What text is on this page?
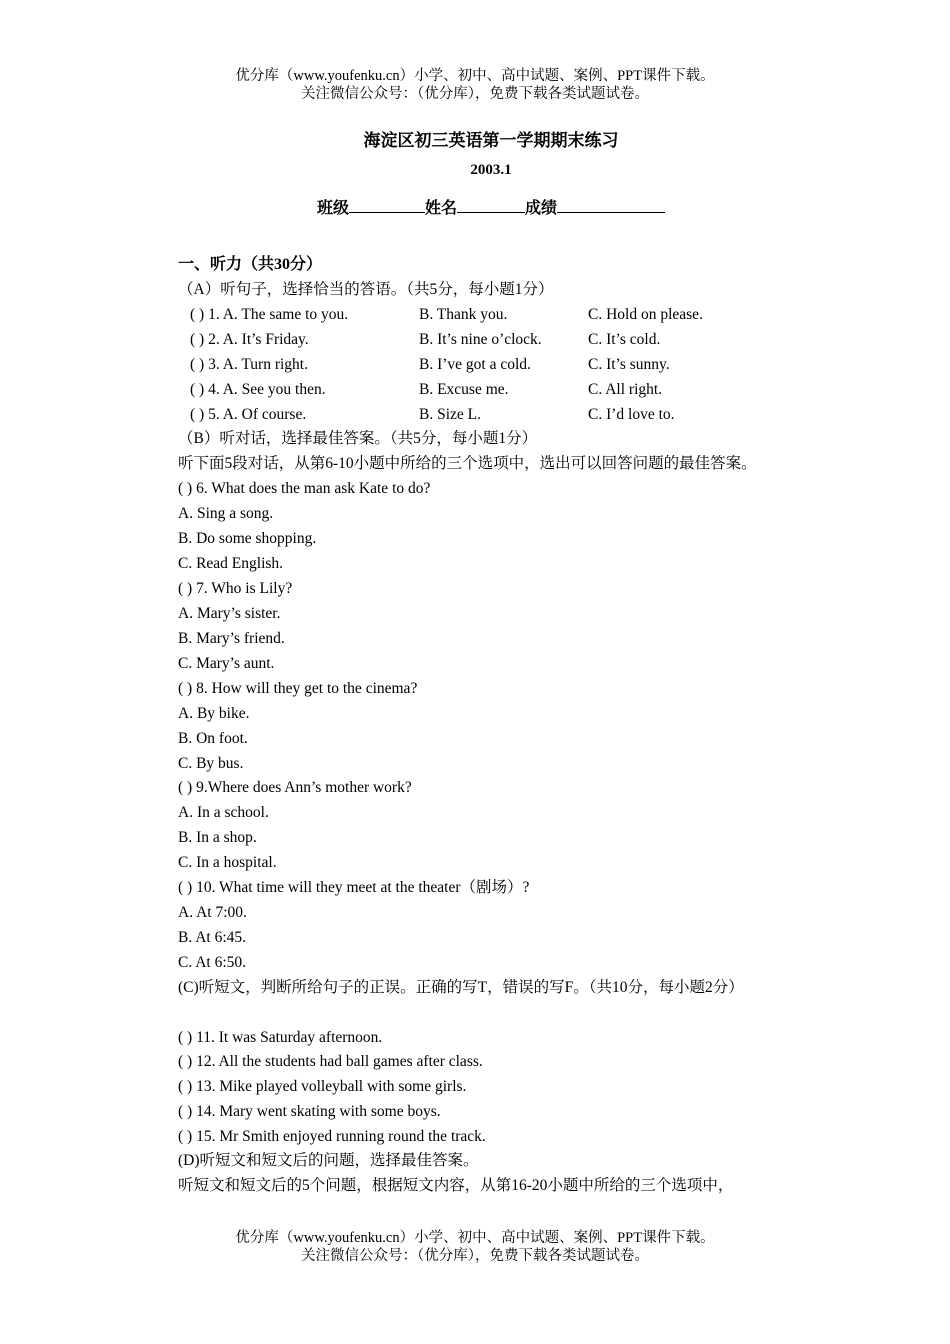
优分库（www.youfenku.cn）小学、初中、高中试题、案例、PPT课件下载。
关注微信公众号：（优分库），免费下载各类试题试卷。
海淀区初三英语第一学期期末练习
2003.1
班级	姓名	成绩
一、听力（共30分）
（A）听句子，选择恰当的答语。（共5分，每小题1分）
( ) 1. A. The same to you.	B. Thank you.	C. Hold on please.
( ) 2. A. It’s Friday.	B. It’s nine o’clock.	C. It’s cold.
( ) 3. A. Turn right.	B. I’ve got a cold.	C. It’s sunny.
( ) 4. A. See you then.	B. Excuse me.	C. All right.
( ) 5. A. Of course.	B. Size L.	C. I’d love to.
（B）听对话，选择最佳答案。（共5分，每小题1分）
听下面5段对话，从第6-10小题中所给的三个选项中，选出可以回答问题的最佳答案。
( ) 6. What does the man ask Kate to do?
A. Sing a song.
B. Do some shopping.
C. Read English.
( ) 7. Who is Lily?
A. Mary’s sister.
B. Mary’s friend.
C. Mary’s aunt.
( ) 8. How will they get to the cinema?
A. By bike.
B. On foot.
C. By bus.
( ) 9.Where does Ann’s mother work?
A. In a school.
B. In a shop.
C. In a hospital.
( ) 10. What time will they meet at the theater（剧场）?
A. At 7:00.
B. At 6:45.
C. At 6:50.
(C)听短文，判断所给句子的正误。正确的写T，错误的写F。（共10分，每小题2分）
( ) 11. It was Saturday afternoon.
( ) 12. All the students had ball games after class.
( ) 13. Mike played volleyball with some girls.
( ) 14. Mary went skating with some boys.
( ) 15. Mr Smith enjoyed running round the track.
(D)听短文和短文后的问题，选择最佳答案。
听短文和短文后的5个问题，根据短文内容，从第16-20小题中所给的三个选项中，
优分库（www.youfenku.cn）小学、初中、高中试题、案例、PPT课件下载。
关注微信公众号：（优分库），免费下载各类试题试卷。
